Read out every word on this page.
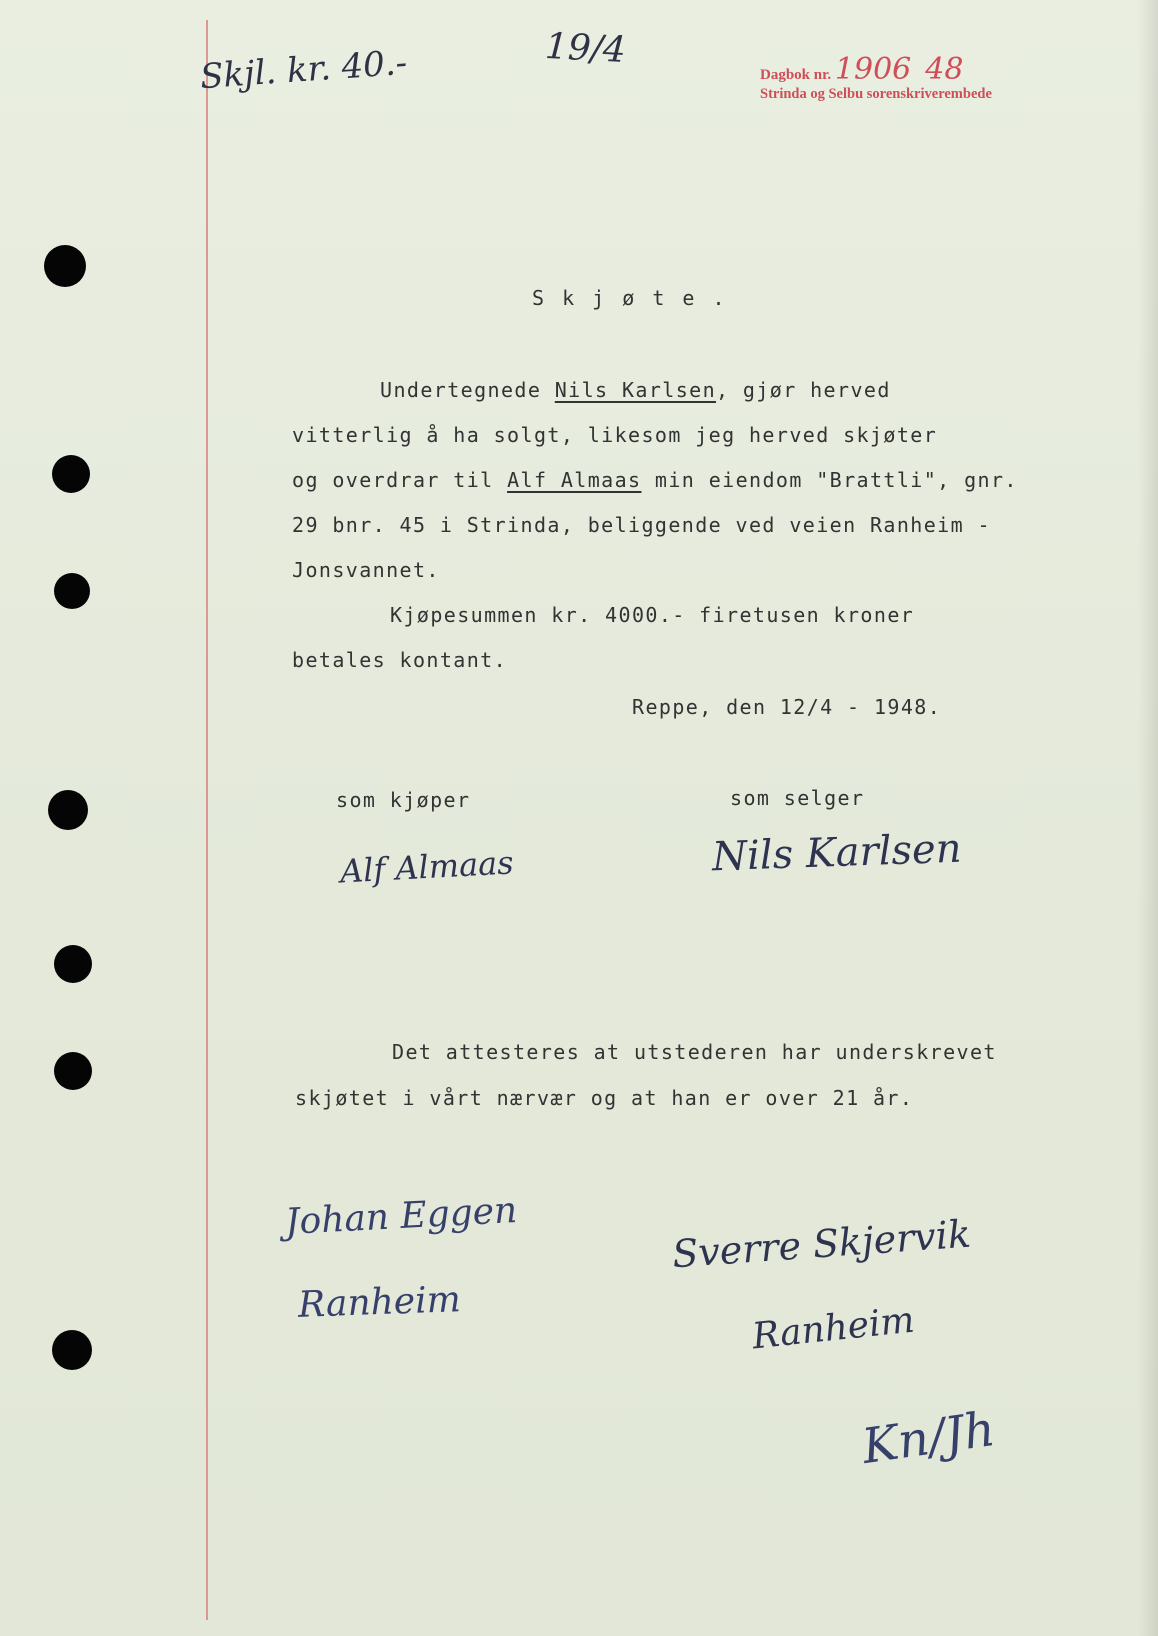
Skjl. kr. 40.-	19/4
Dagbok nr. 1906 48
Strinda og Selbu sorenskriverembede
S k j ø t e .
Undertegnede Nils Karlsen, gjør herved
vitterlig å ha solgt, likesom jeg herved skjøter
og overdrar til Alf Almaas min eiendom "Brattli", gnr.
29 bnr. 45 i Strinda, beliggende ved veien Ranheim -
Jonsvannet.
Kjøpesummen kr. 4000.- firetusen kroner
betales kontant.
Reppe, den 12/4 - 1948.
som kjøper	som selger
Alf Almaas	Nils Karlsen
Det attesteres at utstederen har underskrevet
skjøtet i vårt nærvær og at han er over 21 år.
Johan Eggen
Ranheim
Sverre Skjervik
Ranheim
Kn/Jh
